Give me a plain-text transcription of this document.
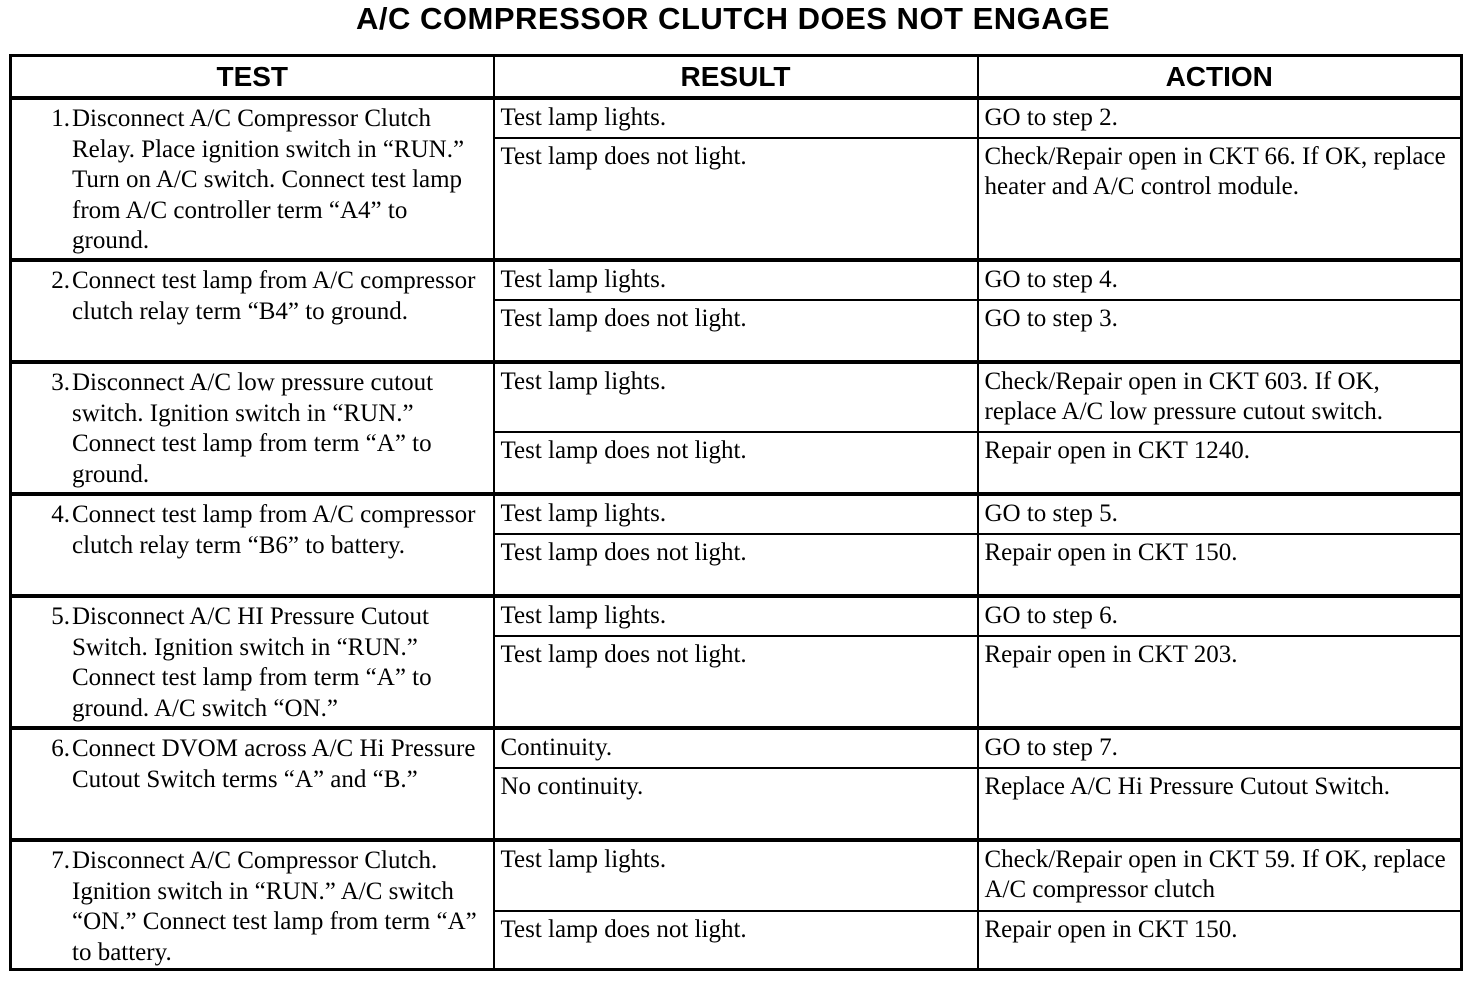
A/C COMPRESSOR CLUTCH DOES NOT ENGAGE
TEST	RESULT	ACTION

1. Disconnect A/C Compressor Clutch Relay. Place ignition switch in “RUN.” Turn on A/C switch. Connect test lamp from A/C controller term “A4” to ground.	Test lamp lights.	GO to step 2.
	Test lamp does not light.	Check/Repair open in CKT 66. If OK, replace heater and A/C control module.

2. Connect test lamp from A/C compressor clutch relay term “B4” to ground.	Test lamp lights.	GO to step 4.
	Test lamp does not light.	GO to step 3.

3. Disconnect A/C low pressure cutout switch. Ignition switch in “RUN.” Connect test lamp from term “A” to ground.	Test lamp lights.	Check/Repair open in CKT 603. If OK, replace A/C low pressure cutout switch.
	Test lamp does not light.	Repair open in CKT 1240.

4. Connect test lamp from A/C compressor clutch relay term “B6” to battery.	Test lamp lights.	GO to step 5.
	Test lamp does not light.	Repair open in CKT 150.

5. Disconnect A/C HI Pressure Cutout Switch. Ignition switch in “RUN.” Connect test lamp from term “A” to ground. A/C switch “ON.”	Test lamp lights.	GO to step 6.
	Test lamp does not light.	Repair open in CKT 203.

6. Connect DVOM across A/C Hi Pressure Cutout Switch terms “A” and “B.”	Continuity.	GO to step 7.
	No continuity.	Replace A/C Hi Pressure Cutout Switch.

7. Disconnect A/C Compressor Clutch. Ignition switch in “RUN.” A/C switch “ON.” Connect test lamp from term “A” to battery.	Test lamp lights.	Check/Repair open in CKT 59. If OK, replace A/C compressor clutch
	Test lamp does not light.	Repair open in CKT 150.
